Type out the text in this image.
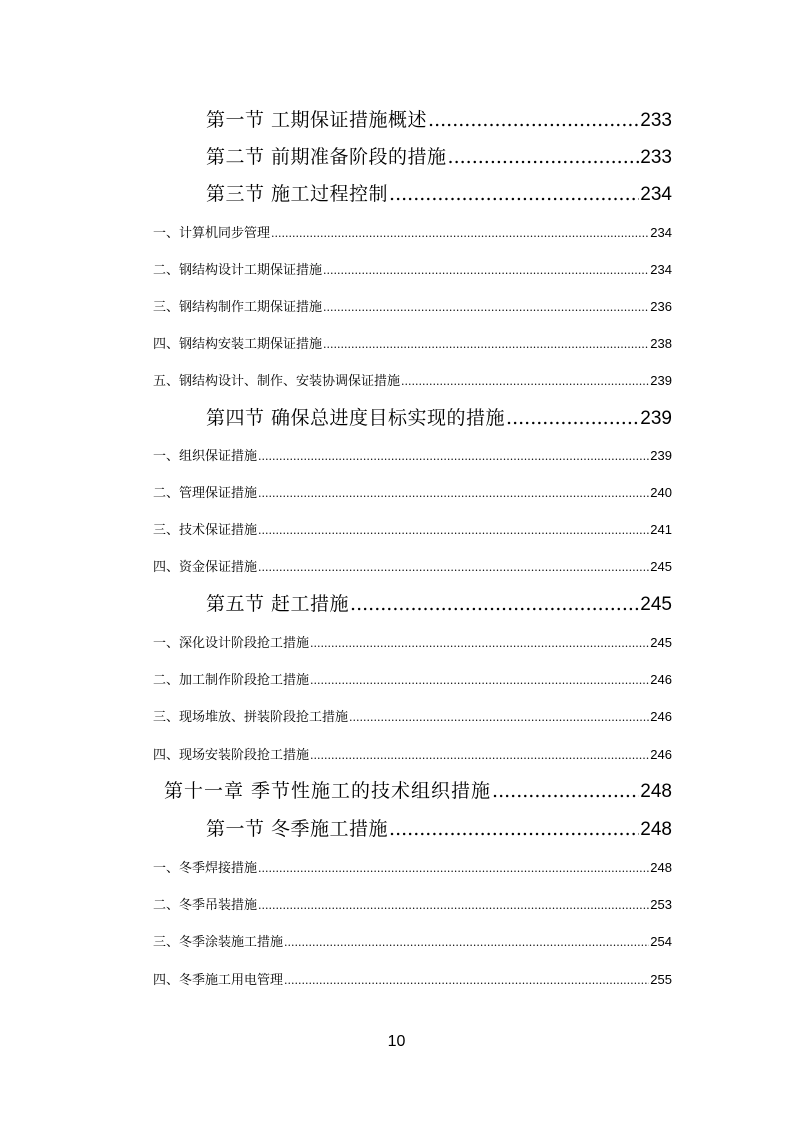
第一节 工期保证措施概述 .....	233
第二节 前期准备阶段的措施 .....	233
第三节 施工过程控制 .....	234
一、计算机同步管理 .....	234
二、钢结构设计工期保证措施 .....	234
三、钢结构制作工期保证措施 .....	236
四、钢结构安装工期保证措施 .....	238
五、钢结构设计、制作、安装协调保证措施 .....	239
第四节 确保总进度目标实现的措施 .....	239
一、组织保证措施 .....	239
二、管理保证措施 .....	240
三、技术保证措施 .....	241
四、资金保证措施 .....	245
第五节 赶工措施 .....	245
一、深化设计阶段抢工措施 .....	245
二、加工制作阶段抢工措施 .....	246
三、现场堆放、拼装阶段抢工措施 .....	246
四、现场安装阶段抢工措施 .....	246
第十一章 季节性施工的技术组织措施 .....	248
第一节 冬季施工措施 .....	248
一、冬季焊接措施 .....	248
二、冬季吊装措施 .....	253
三、冬季涂装施工措施 .....	254
四、冬季施工用电管理 .....	255
10
